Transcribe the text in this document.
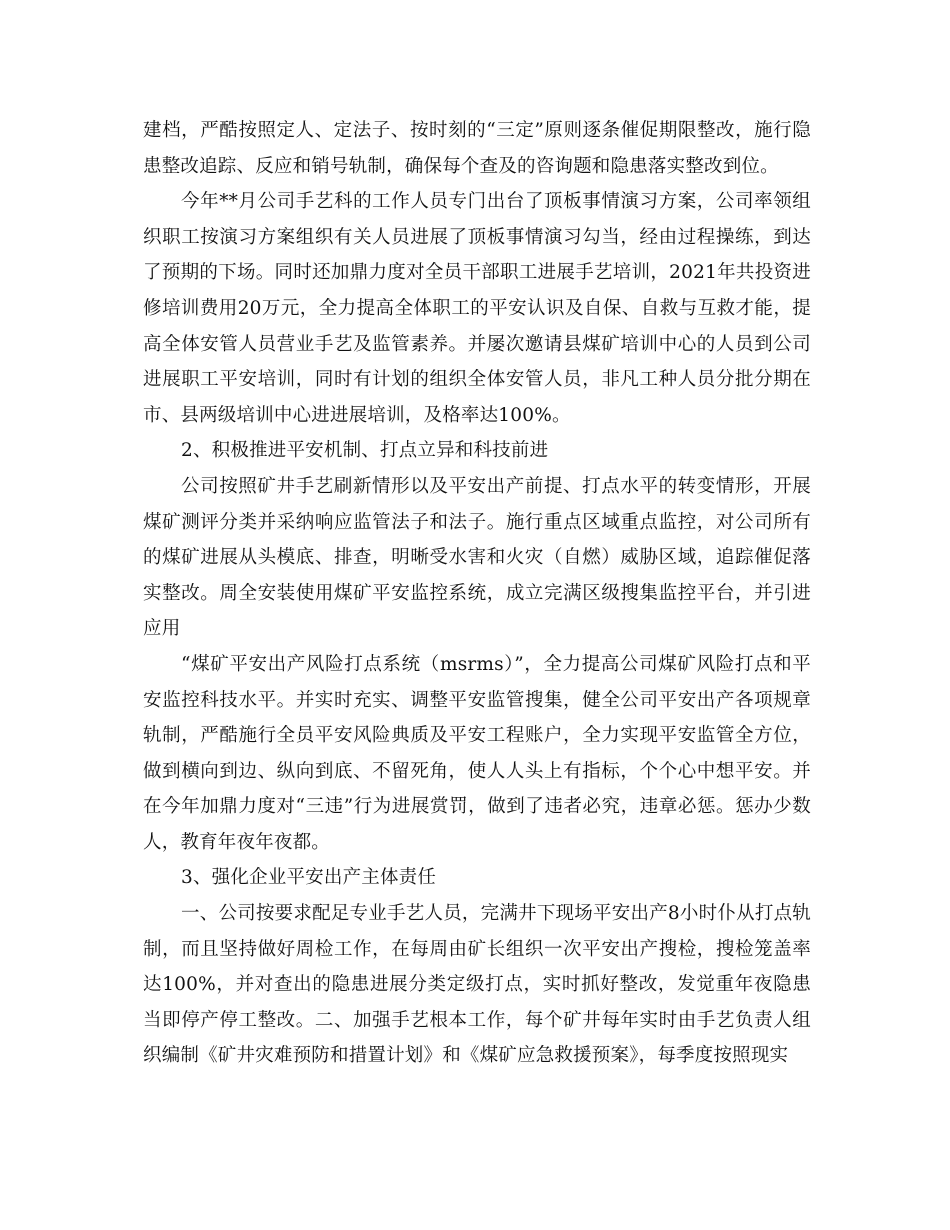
建档，严酷按照定人、定法子、按时刻的“三定”原则逐条催促期限整改，施行隐患整改追踪、反应和销号轨制，确保每个查及的咨询题和隐患落实整改到位。

今年**月公司手艺科的工作人员专门出台了顶板事情演习方案，公司率领组织职工按演习方案组织有关人员进展了顶板事情演习勾当，经由过程操练，到达了预期的下场。同时还加鼎力度对全员干部职工进展手艺培训，2021年共投资进修培训费用20万元，全力提高全体职工的平安认识及自保、自救与互救才能，提高全体安管人员营业手艺及监管素养。并屡次邀请县煤矿培训中心的人员到公司进展职工平安培训，同时有计划的组织全体安管人员，非凡工种人员分批分期在市、县两级培训中心进进展培训，及格率达100%。

2、积极推进平安机制、打点立异和科技前进

公司按照矿井手艺刷新情形以及平安出产前提、打点水平的转变情形，开展煤矿测评分类并采纳响应监管法子和法子。施行重点区域重点监控，对公司所有的煤矿进展从头模底、排查，明晰受水害和火灾（自燃）威胁区域，追踪催促落实整改。周全安装使用煤矿平安监控系统，成立完满区级搜集监控平台，并引进应用

“煤矿平安出产风险打点系统（msrms）”，全力提高公司煤矿风险打点和平安监控科技水平。并实时充实、调整平安监管搜集，健全公司平安出产各项规章轨制，严酷施行全员平安风险典质及平安工程账户，全力实现平安监管全方位，做到横向到边、纵向到底、不留死角，使人人头上有指标，个个心中想平安。并在今年加鼎力度对“三违”行为进展赏罚，做到了违者必究，违章必惩。惩办少数人，教育年夜年夜都。

3、强化企业平安出产主体责任

一、公司按要求配足专业手艺人员，完满井下现场平安出产8小时仆从打点轨制，而且坚持做好周检工作，在每周由矿长组织一次平安出产搜检，搜检笼盖率达100%，并对查出的隐患进展分类定级打点，实时抓好整改，发觉重年夜隐患当即停产停工整改。二、加强手艺根本工作，每个矿井每年实时由手艺负责人组织编制《矿井灾难预防和措置计划》和《煤矿应急救援预案》，每季度按照现实
